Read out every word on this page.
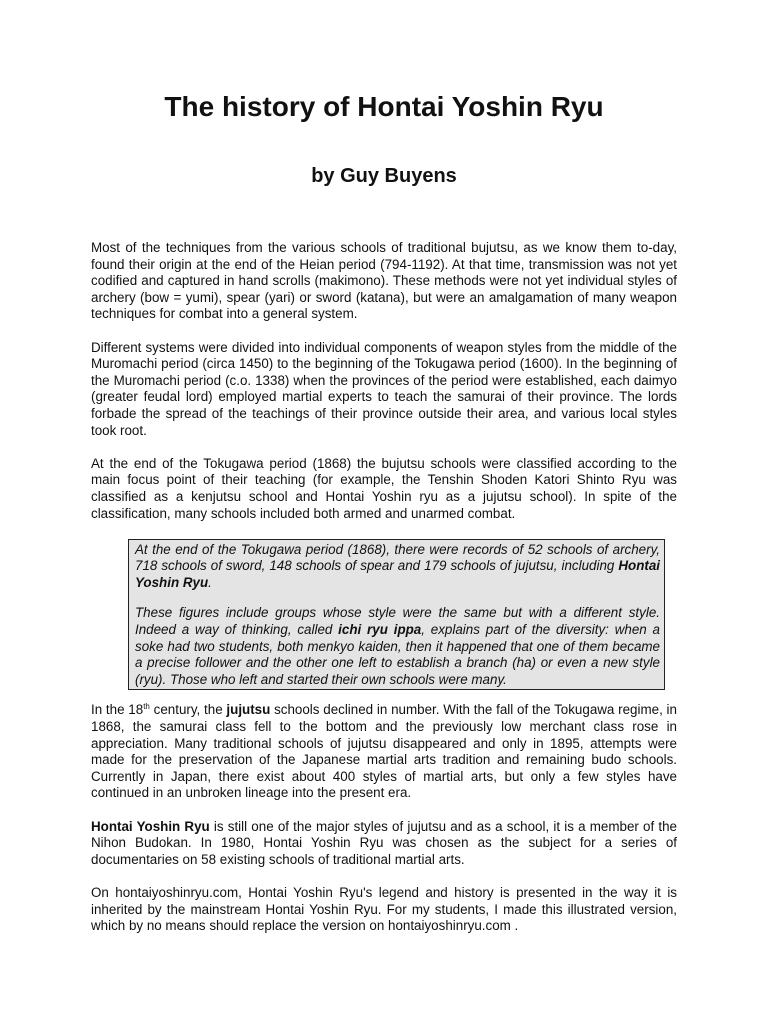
The history of Hontai Yoshin Ryu
by Guy Buyens

Most of the techniques from the various schools of traditional bujutsu, as we know them to-day, found their origin at the end of the Heian period (794-1192). At that time, transmission was not yet codified and captured in hand scrolls (makimono). These methods were not yet individual styles of archery (bow = yumi), spear (yari) or sword (katana), but were an amalgamation of many weapon techniques for combat into a general system.

Different systems were divided into individual components of weapon styles from the middle of the Muromachi period (circa 1450) to the beginning of the Tokugawa period (1600). In the beginning of the Muromachi period (c.o. 1338) when the provinces of the period were established, each daimyo (greater feudal lord) employed martial experts to teach the samurai of their province. The lords forbade the spread of the teachings of their province outside their area, and various local styles took root.

At the end of the Tokugawa period (1868) the bujutsu schools were classified according to the main focus point of their teaching (for example, the Tenshin Shoden Katori Shinto Ryu was classified as a kenjutsu school and Hontai Yoshin ryu as a jujutsu school). In spite of the classification, many schools included both armed and unarmed combat.

At the end of the Tokugawa period (1868), there were records of 52 schools of archery, 718 schools of sword, 148 schools of spear and 179 schools of jujutsu, including Hontai Yoshin Ryu.

These figures include groups whose style were the same but with a different style. Indeed a way of thinking, called ichi ryu ippa, explains part of the diversity: when a soke had two students, both menkyo kaiden, then it happened that one of them became a precise follower and the other one left to establish a branch (ha) or even a new style (ryu). Those who left and started their own schools were many.

In the 18th century, the jujutsu schools declined in number. With the fall of the Tokugawa regime, in 1868, the samurai class fell to the bottom and the previously low merchant class rose in appreciation. Many traditional schools of jujutsu disappeared and only in 1895, attempts were made for the preservation of the Japanese martial arts tradition and remaining budo schools. Currently in Japan, there exist about 400 styles of martial arts, but only a few styles have continued in an unbroken lineage into the present era.

Hontai Yoshin Ryu is still one of the major styles of jujutsu and as a school, it is a member of the Nihon Budokan. In 1980, Hontai Yoshin Ryu was chosen as the subject for a series of documentaries on 58 existing schools of traditional martial arts.

On hontaiyoshinryu.com, Hontai Yoshin Ryu's legend and history is presented in the way it is inherited by the mainstream Hontai Yoshin Ryu. For my students, I made this illustrated version, which by no means should replace the version on hontaiyoshinryu.com .
